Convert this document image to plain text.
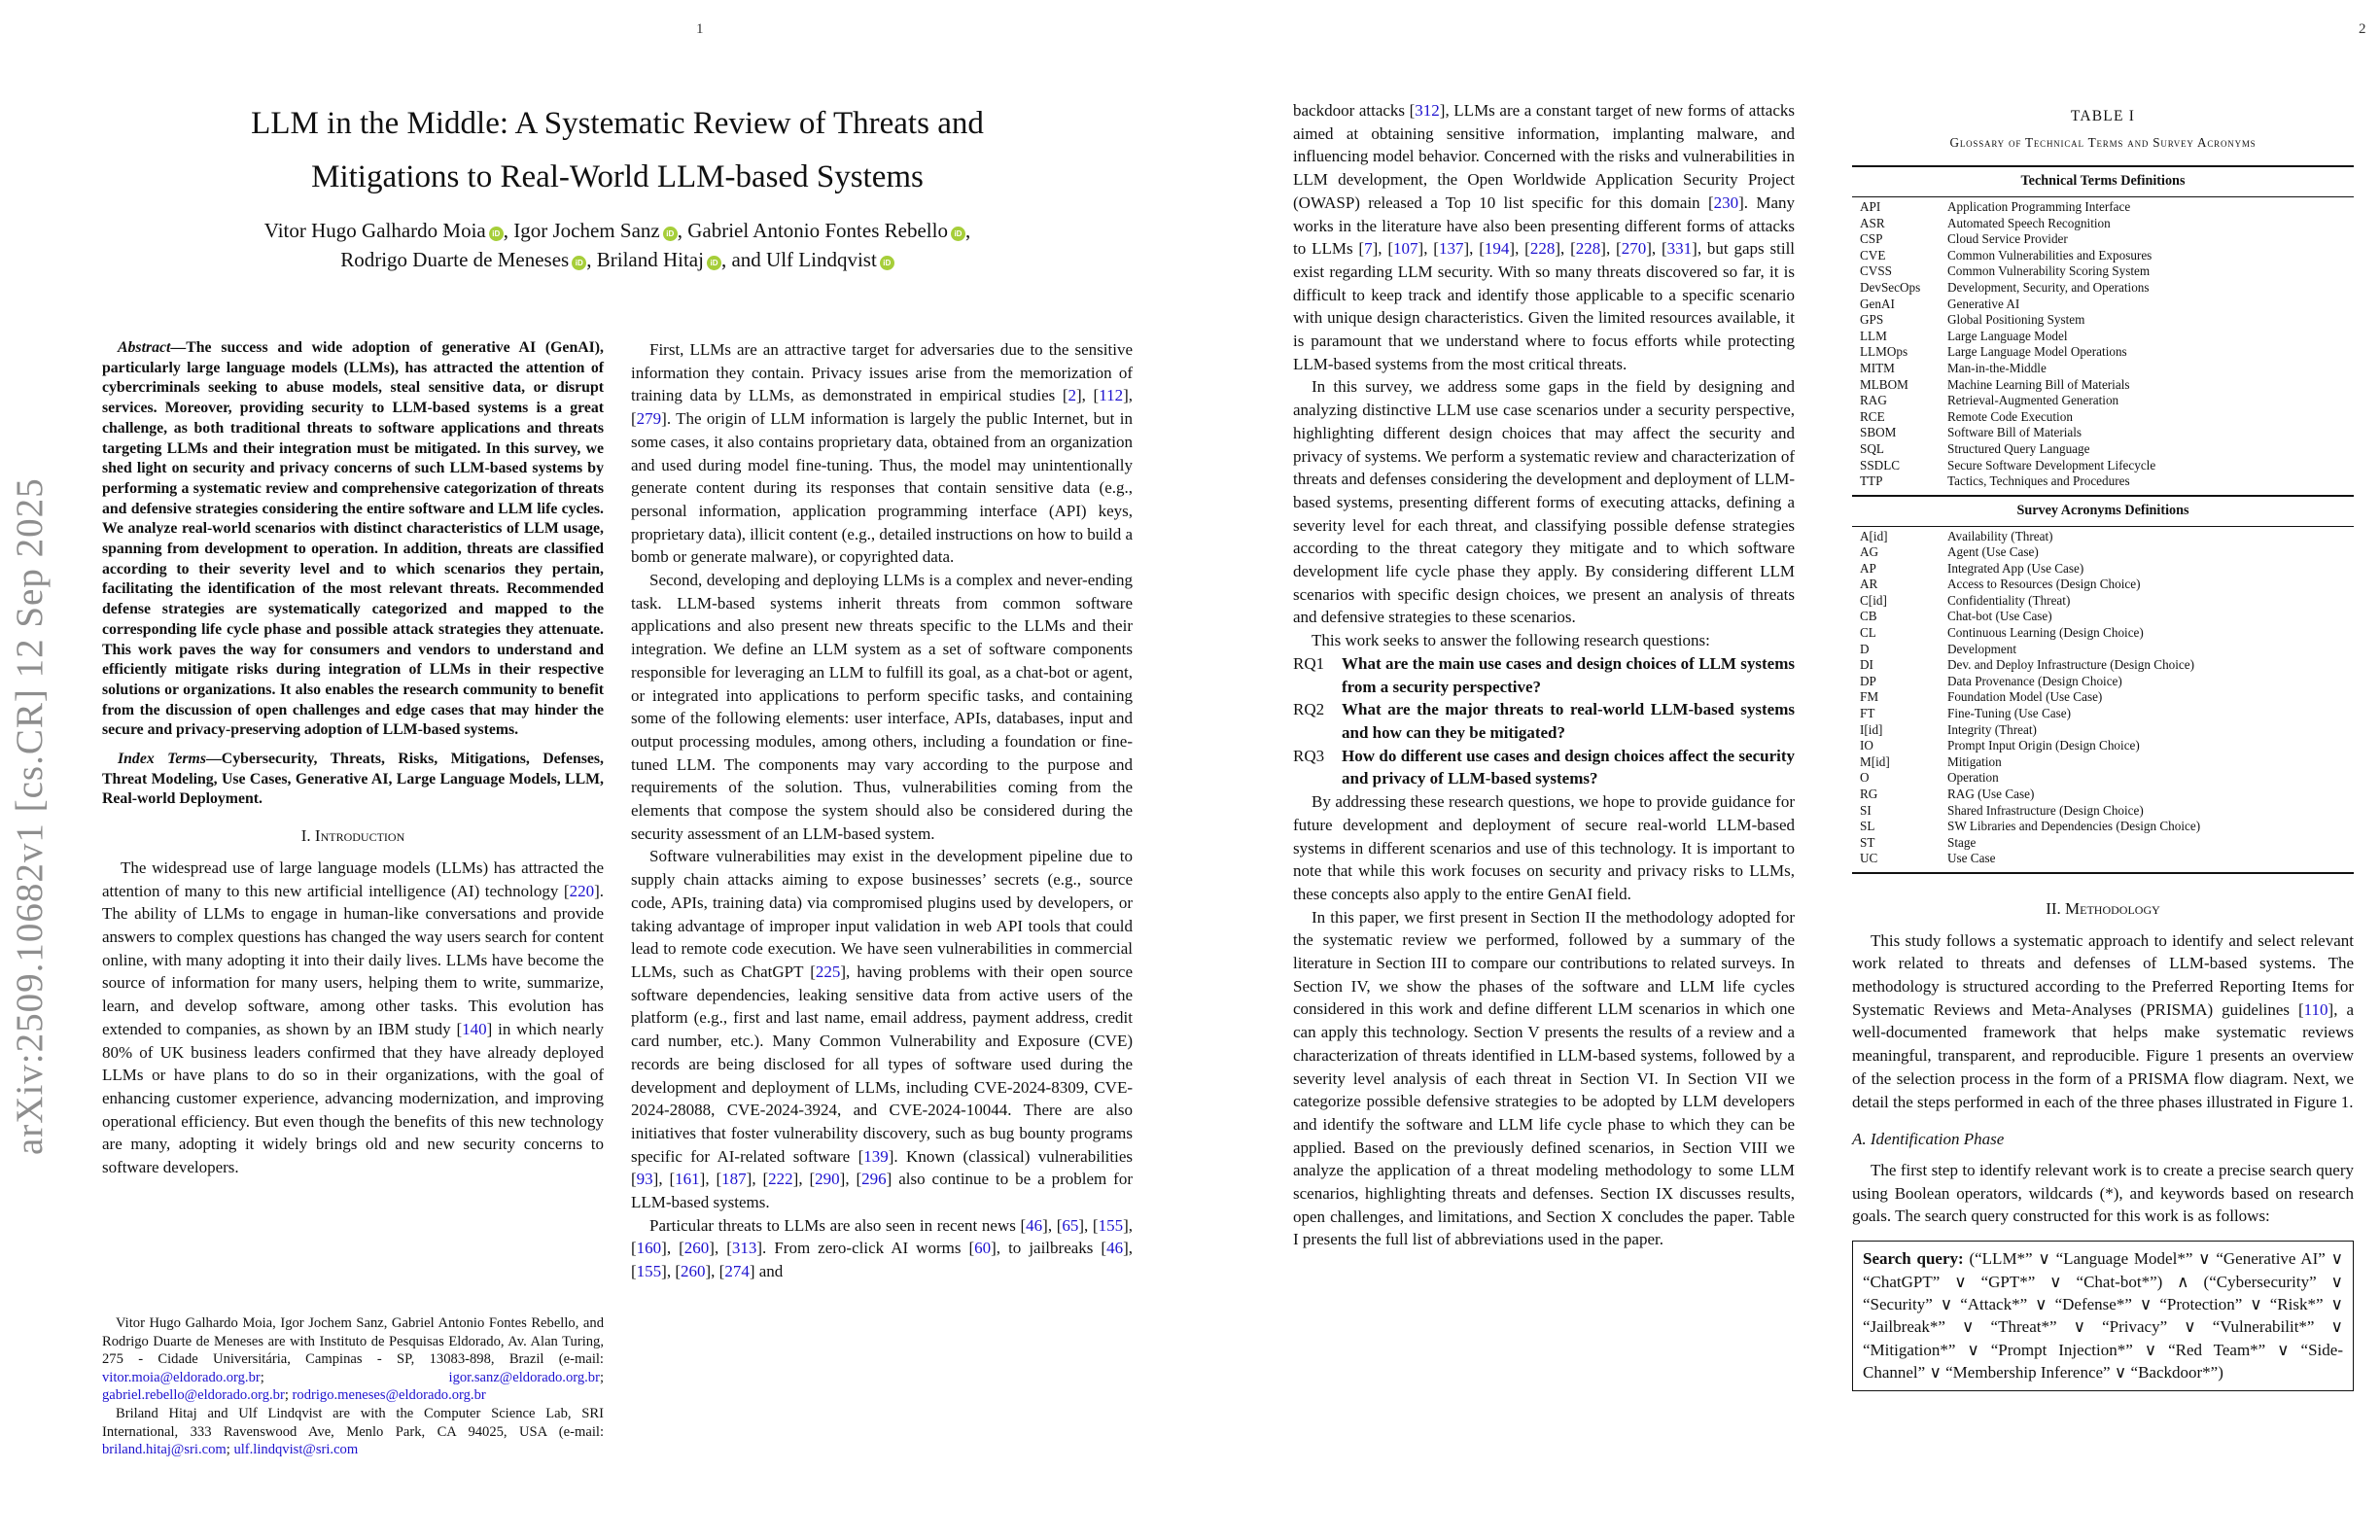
arXiv:2509.10682v1 [cs.CR] 12 Sep 2025
1	2
LLM in the Middle: A Systematic Review of Threats and
Mitigations to Real-World LLM-based Systems
Vitor Hugo Galhardo Moia iD , Igor Jochem Sanz iD , Gabriel Antonio Fontes Rebello iD ,
Rodrigo Duarte de Meneses iD , Briland Hitaj iD , and Ulf Lindqvist iD

Abstract—The success and wide adoption of generative AI (GenAI), particularly large language models (LLMs), has attracted the attention of cybercriminals seeking to abuse models, steal sensitive data, or disrupt services. Moreover, providing security to LLM-based systems is a great challenge, as both traditional threats to software applications and threats targeting LLMs and their integration must be mitigated. In this survey, we shed light on security and privacy concerns of such LLM-based systems by performing a systematic review and comprehensive categorization of threats and defensive strategies considering the entire software and LLM life cycles. We analyze real-world scenarios with distinct characteristics of LLM usage, spanning from development to operation. In addition, threats are classified according to their severity level and to which scenarios they pertain, facilitating the identification of the most relevant threats. Recommended defense strategies are systematically categorized and mapped to the corresponding life cycle phase and possible attack strategies they attenuate. This work paves the way for consumers and vendors to understand and efficiently mitigate risks during integration of LLMs in their respective solutions or organizations. It also enables the research community to benefit from the discussion of open challenges and edge cases that may hinder the secure and privacy-preserving adoption of LLM-based systems.

Index Terms—Cybersecurity, Threats, Risks, Mitigations, Defenses, Threat Modeling, Use Cases, Generative AI, Large Language Models, LLM, Real-world Deployment.

I. Introduction

The widespread use of large language models (LLMs) has attracted the attention of many to this new artificial intelligence (AI) technology [220]. The ability of LLMs to engage in human-like conversations and provide answers to complex questions has changed the way users search for content online, with many adopting it into their daily lives. LLMs have become the source of information for many users, helping them to write, summarize, learn, and develop software, among other tasks. This evolution has extended to companies, as shown by an IBM study [140] in which nearly 80% of UK business leaders confirmed that they have already deployed LLMs or have plans to do so in their organizations, with the goal of enhancing customer experience, advancing modernization, and improving operational efficiency. But even though the benefits of this new technology are many, adopting it widely brings old and new security concerns to software developers.

Vitor Hugo Galhardo Moia, Igor Jochem Sanz, Gabriel Antonio Fontes Rebello, and Rodrigo Duarte de Meneses are with Instituto de Pesquisas Eldorado, Av. Alan Turing, 275 - Cidade Universitária, Campinas - SP, 13083-898, Brazil (e-mail: vitor.moia@eldorado.org.br; igor.sanz@eldorado.org.br; gabriel.rebello@eldorado.org.br; rodrigo.meneses@eldorado.org.br

Briland Hitaj and Ulf Lindqvist are with the Computer Science Lab, SRI International, 333 Ravenswood Ave, Menlo Park, CA 94025, USA (e-mail: briland.hitaj@sri.com; ulf.lindqvist@sri.com

First, LLMs are an attractive target for adversaries due to the sensitive information they contain. Privacy issues arise from the memorization of training data by LLMs, as demonstrated in empirical studies [2], [112], [279]. The origin of LLM information is largely the public Internet, but in some cases, it also contains proprietary data, obtained from an organization and used during model fine-tuning. Thus, the model may unintentionally generate content during its responses that contain sensitive data (e.g., personal information, application programming interface (API) keys, proprietary data), illicit content (e.g., detailed instructions on how to build a bomb or generate malware), or copyrighted data.

Second, developing and deploying LLMs is a complex and never-ending task. LLM-based systems inherit threats from common software applications and also present new threats specific to the LLMs and their integration. We define an LLM system as a set of software components responsible for leveraging an LLM to fulfill its goal, as a chat-bot or agent, or integrated into applications to perform specific tasks, and containing some of the following elements: user interface, APIs, databases, input and output processing modules, among others, including a foundation or fine-tuned LLM. The components may vary according to the purpose and requirements of the solution. Thus, vulnerabilities coming from the elements that compose the system should also be considered during the security assessment of an LLM-based system.

Software vulnerabilities may exist in the development pipeline due to supply chain attacks aiming to expose businesses’ secrets (e.g., source code, APIs, training data) via compromised plugins used by developers, or taking advantage of improper input validation in web API tools that could lead to remote code execution. We have seen vulnerabilities in commercial LLMs, such as ChatGPT [225], having problems with their open source software dependencies, leaking sensitive data from active users of the platform (e.g., first and last name, email address, payment address, credit card number, etc.). Many Common Vulnerability and Exposure (CVE) records are being disclosed for all types of software used during the development and deployment of LLMs, including CVE-2024-8309, CVE-2024-28088, CVE-2024-3924, and CVE-2024-10044. There are also initiatives that foster vulnerability discovery, such as bug bounty programs specific for AI-related software [139]. Known (classical) vulnerabilities [93], [161], [187], [222], [290], [296] also continue to be a problem for LLM-based systems.

Particular threats to LLMs are also seen in recent news [46], [65], [155], [160], [260], [313]. From zero-click AI worms [60], to jailbreaks [46], [155], [260], [274] and

backdoor attacks [312], LLMs are a constant target of new forms of attacks aimed at obtaining sensitive information, implanting malware, and influencing model behavior. Concerned with the risks and vulnerabilities in LLM development, the Open Worldwide Application Security Project (OWASP) released a Top 10 list specific for this domain [230]. Many works in the literature have also been presenting different forms of attacks to LLMs [7], [107], [137], [194], [228], [228], [270], [331], but gaps still exist regarding LLM security. With so many threats discovered so far, it is difficult to keep track and identify those applicable to a specific scenario with unique design characteristics. Given the limited resources available, it is paramount that we understand where to focus efforts while protecting LLM-based systems from the most critical threats.

In this survey, we address some gaps in the field by designing and analyzing distinctive LLM use case scenarios under a security perspective, highlighting different design choices that may affect the security and privacy of systems. We perform a systematic review and characterization of threats and defenses considering the development and deployment of LLM-based systems, presenting different forms of executing attacks, defining a severity level for each threat, and classifying possible defense strategies according to the threat category they mitigate and to which software development life cycle phase they apply. By considering different LLM scenarios with specific design choices, we present an analysis of threats and defensive strategies to these scenarios.

This work seeks to answer the following research questions:

RQ1	What are the main use cases and design choices of LLM systems from a security perspective?
RQ2	What are the major threats to real-world LLM-based systems and how can they be mitigated?
RQ3	How do different use cases and design choices affect the security and privacy of LLM-based systems?

By addressing these research questions, we hope to provide guidance for future development and deployment of secure real-world LLM-based systems in different scenarios and use of this technology. It is important to note that while this work focuses on security and privacy risks to LLMs, these concepts also apply to the entire GenAI field.

In this paper, we first present in Section II the methodology adopted for the systematic review we performed, followed by a summary of the literature in Section III to compare our contributions to related surveys. In Section IV, we show the phases of the software and LLM life cycles considered in this work and define different LLM scenarios in which one can apply this technology. Section V presents the results of a review and a characterization of threats identified in LLM-based systems, followed by a severity level analysis of each threat in Section VI. In Section VII we categorize possible defensive strategies to be adopted by LLM developers and identify the software and LLM life cycle phase to which they can be applied. Based on the previously defined scenarios, in Section VIII we analyze the application of a threat modeling methodology to some LLM scenarios, highlighting threats and defenses. Section IX discusses results, open challenges, and limitations, and Section X concludes the paper. Table I presents the full list of abbreviations used in the paper.

TABLE I
Glossary of Technical Terms and Survey Acronyms
Technical Terms Definitions
API	Application Programming Interface
ASR	Automated Speech Recognition
CSP	Cloud Service Provider
CVE	Common Vulnerabilities and Exposures
CVSS	Common Vulnerability Scoring System
DevSecOps	Development, Security, and Operations
GenAI	Generative AI
GPS	Global Positioning System
LLM	Large Language Model
LLMOps	Large Language Model Operations
MITM	Man-in-the-Middle
MLBOM	Machine Learning Bill of Materials
RAG	Retrieval-Augmented Generation
RCE	Remote Code Execution
SBOM	Software Bill of Materials
SQL	Structured Query Language
SSDLC	Secure Software Development Lifecycle
TTP	Tactics, Techniques and Procedures
Survey Acronyms Definitions
A[id]	Availability (Threat)
AG	Agent (Use Case)
AP	Integrated App (Use Case)
AR	Access to Resources (Design Choice)
C[id]	Confidentiality (Threat)
CB	Chat-bot (Use Case)
CL	Continuous Learning (Design Choice)
D	Development
DI	Dev. and Deploy Infrastructure (Design Choice)
DP	Data Provenance (Design Choice)
FM	Foundation Model (Use Case)
FT	Fine-Tuning (Use Case)
I[id]	Integrity (Threat)
IO	Prompt Input Origin (Design Choice)
M[id]	Mitigation
O	Operation
RG	RAG (Use Case)
SI	Shared Infrastructure (Design Choice)
SL	SW Libraries and Dependencies (Design Choice)
ST	Stage
UC	Use Case
II. Methodology

This study follows a systematic approach to identify and select relevant work related to threats and defenses of LLM-based systems. The methodology is structured according to the Preferred Reporting Items for Systematic Reviews and Meta-Analyses (PRISMA) guidelines [110], a well-documented framework that helps make systematic reviews meaningful, transparent, and reproducible. Figure 1 presents an overview of the selection process in the form of a PRISMA flow diagram. Next, we detail the steps performed in each of the three phases illustrated in Figure 1.

A. Identification Phase

The first step to identify relevant work is to create a precise search query using Boolean operators, wildcards (*), and keywords based on research goals. The search query constructed for this work is as follows:

Search query: (“LLM*” ∨ “Language Model*” ∨ “Generative AI” ∨ “ChatGPT” ∨ “GPT*” ∨ “Chat-bot*”) ∧ (“Cybersecurity” ∨ “Security” ∨ “Attack*” ∨ “Defense*” ∨ “Protection” ∨ “Risk*” ∨ “Jailbreak*” ∨ “Threat*” ∨ “Privacy” ∨ “Vulnerabilit*” ∨ “Mitigation*” ∨ “Prompt Injection*” ∨ “Red Team*” ∨ “Side-Channel” ∨ “Membership Inference” ∨ “Backdoor*”)
